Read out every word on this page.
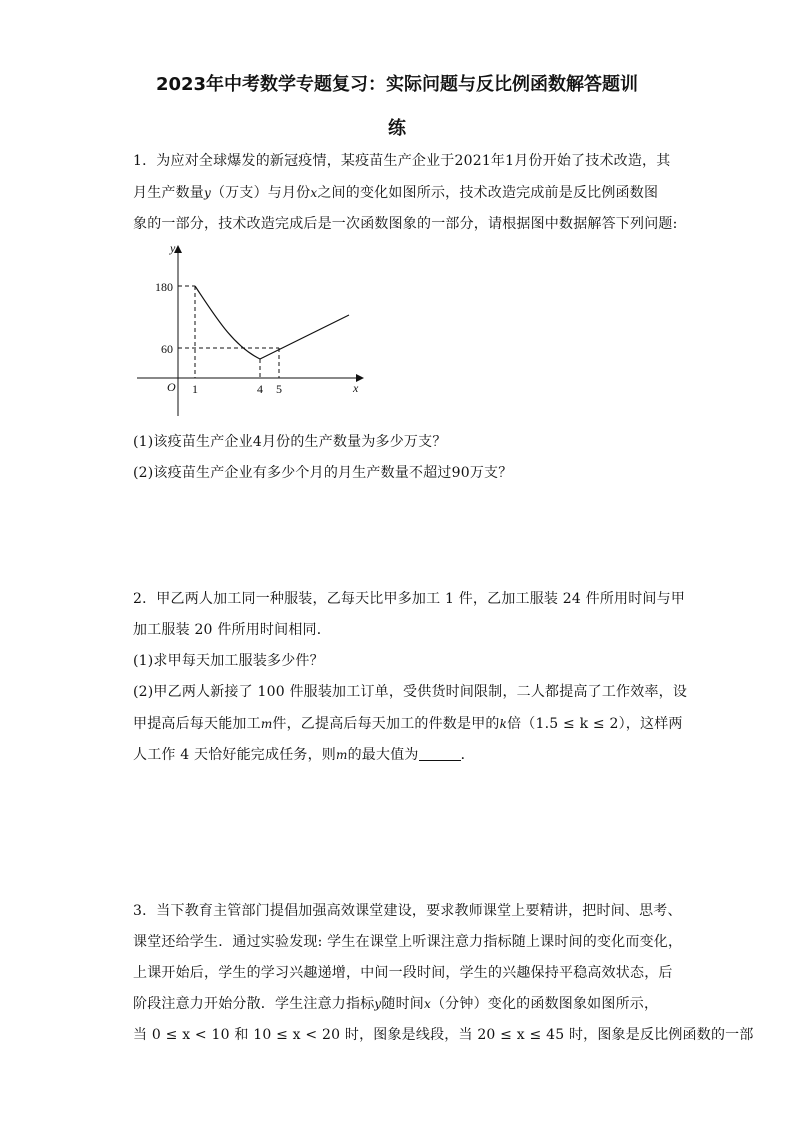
2023年中考数学专题复习：实际问题与反比例函数解答题训
练
1．为应对全球爆发的新冠疫情，某疫苗生产企业于2021年1月份开始了技术改造，其
月生产数量y（万支）与月份x之间的变化如图所示，技术改造完成前是反比例函数图
象的一部分，技术改造完成后是一次函数图象的一部分，请根据图中数据解答下列问题:
y
x
O
180
60
1	4 5
(1)该疫苗生产企业4月份的生产数量为多少万支？
(2)该疫苗生产企业有多少个月的月生产数量不超过90万支？
2．甲乙两人加工同一种服装，乙每天比甲多加工 1 件，乙加工服装 24 件所用时间与甲
加工服装 20 件所用时间相同．
(1)求甲每天加工服装多少件？
(2)甲乙两人新接了 100 件服装加工订单，受供货时间限制，二人都提高了工作效率，设
甲提高后每天能加工m件，乙提高后每天加工的件数是甲的k倍（1.5 ≤ k ≤ 2），这样两
人工作 4 天恰好能完成任务，则m的最大值为	．
3．当下教育主管部门提倡加强高效课堂建设，要求教师课堂上要精讲，把时间、思考、
课堂还给学生．通过实验发现: 学生在课堂上听课注意力指标随上课时间的变化而变化，
上课开始后，学生的学习兴趣递增，中间一段时间，学生的兴趣保持平稳高效状态，后
阶段注意力开始分散．学生注意力指标y随时间x（分钟）变化的函数图象如图所示，
当 0 ≤ x < 10 和 10 ≤ x < 20 时，图象是线段，当 20 ≤ x ≤ 45 时，图象是反比例函数的一部
